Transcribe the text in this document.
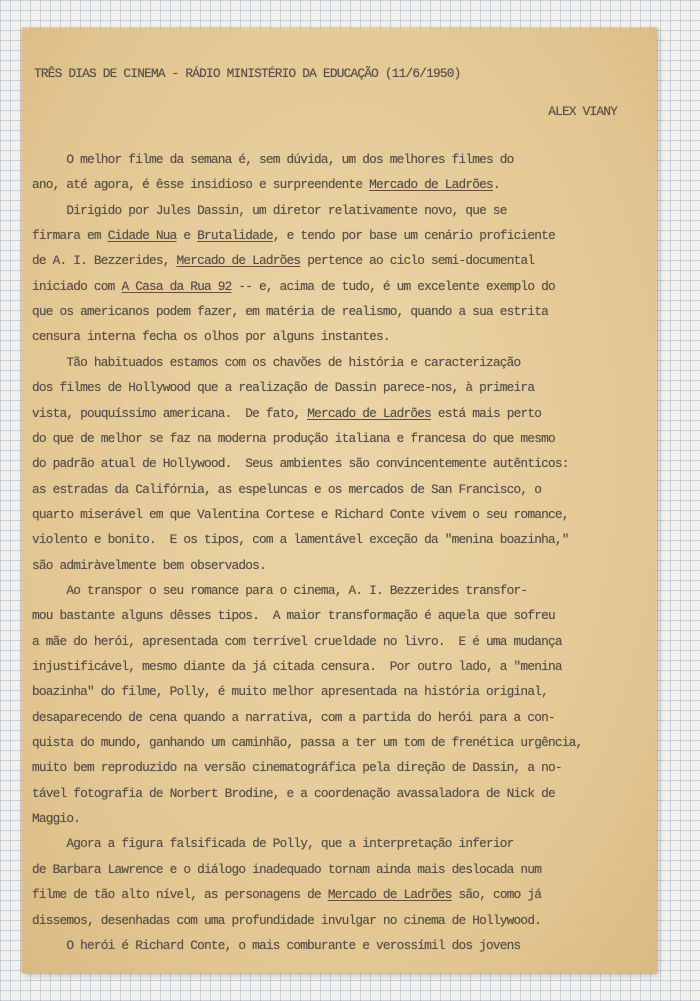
TRÊS DIAS DE CINEMA - RÁDIO MINISTÉRIO DA EDUCAÇÃO (11/6/1950)
ALEX VIANY
O melhor filme da semana é, sem dúvida, um dos melhores filmes do
ano, até agora, é êsse insidioso e surpreendente Mercado de Ladrões.
Dirigido por Jules Dassin, um diretor relativamente novo, que se
firmara em Cidade Nua e Brutalidade, e tendo por base um cenário proficiente
de A. I. Bezzerides, Mercado de Ladrões pertence ao ciclo semi-documental
iniciado com A Casa da Rua 92 -- e, acima de tudo, é um excelente exemplo do
que os americanos podem fazer, em matéria de realismo, quando a sua estrita
censura interna fecha os olhos por alguns instantes.
Tão habituados estamos com os chavões de história e caracterização
dos filmes de Hollywood que a realização de Dassin parece-nos, à primeira
vista, pouquíssimo americana.  De fato, Mercado de Ladrões está mais perto
do que de melhor se faz na moderna produção italiana e francesa do que mesmo
do padrão atual de Hollywood.  Seus ambientes são convincentemente autênticos:
as estradas da Califórnia, as espeluncas e os mercados de San Francisco, o
quarto miserável em que Valentina Cortese e Richard Conte vivem o seu romance,
violento e bonito.  E os tipos, com a lamentável exceção da "menina boazinha,"
são admiràvelmente bem observados.
Ao transpor o seu romance para o cinema, A. I. Bezzerides transfor-
mou bastante alguns dêsses tipos.  A maior transformação é aquela que sofreu
a mãe do herói, apresentada com terrível crueldade no livro.  E é uma mudança
injustificável, mesmo diante da já citada censura.  Por outro lado, a "menina
boazinha" do filme, Polly, é muito melhor apresentada na história original,
desaparecendo de cena quando a narrativa, com a partida do herói para a con-
quista do mundo, ganhando um caminhão, passa a ter um tom de frenética urgência,
muito bem reproduzido na versão cinematográfica pela direção de Dassin, a no-
tável fotografia de Norbert Brodine, e a coordenação avassaladora de Nick de
Maggio.
Agora a figura falsificada de Polly, que a interpretação inferior
de Barbara Lawrence e o diálogo inadequado tornam ainda mais deslocada num
filme de tão alto nível, as personagens de Mercado de Ladrões são, como já
dissemos, desenhadas com uma profundidade invulgar no cinema de Hollywood.
O herói é Richard Conte, o mais comburante e verossímil dos jovens
